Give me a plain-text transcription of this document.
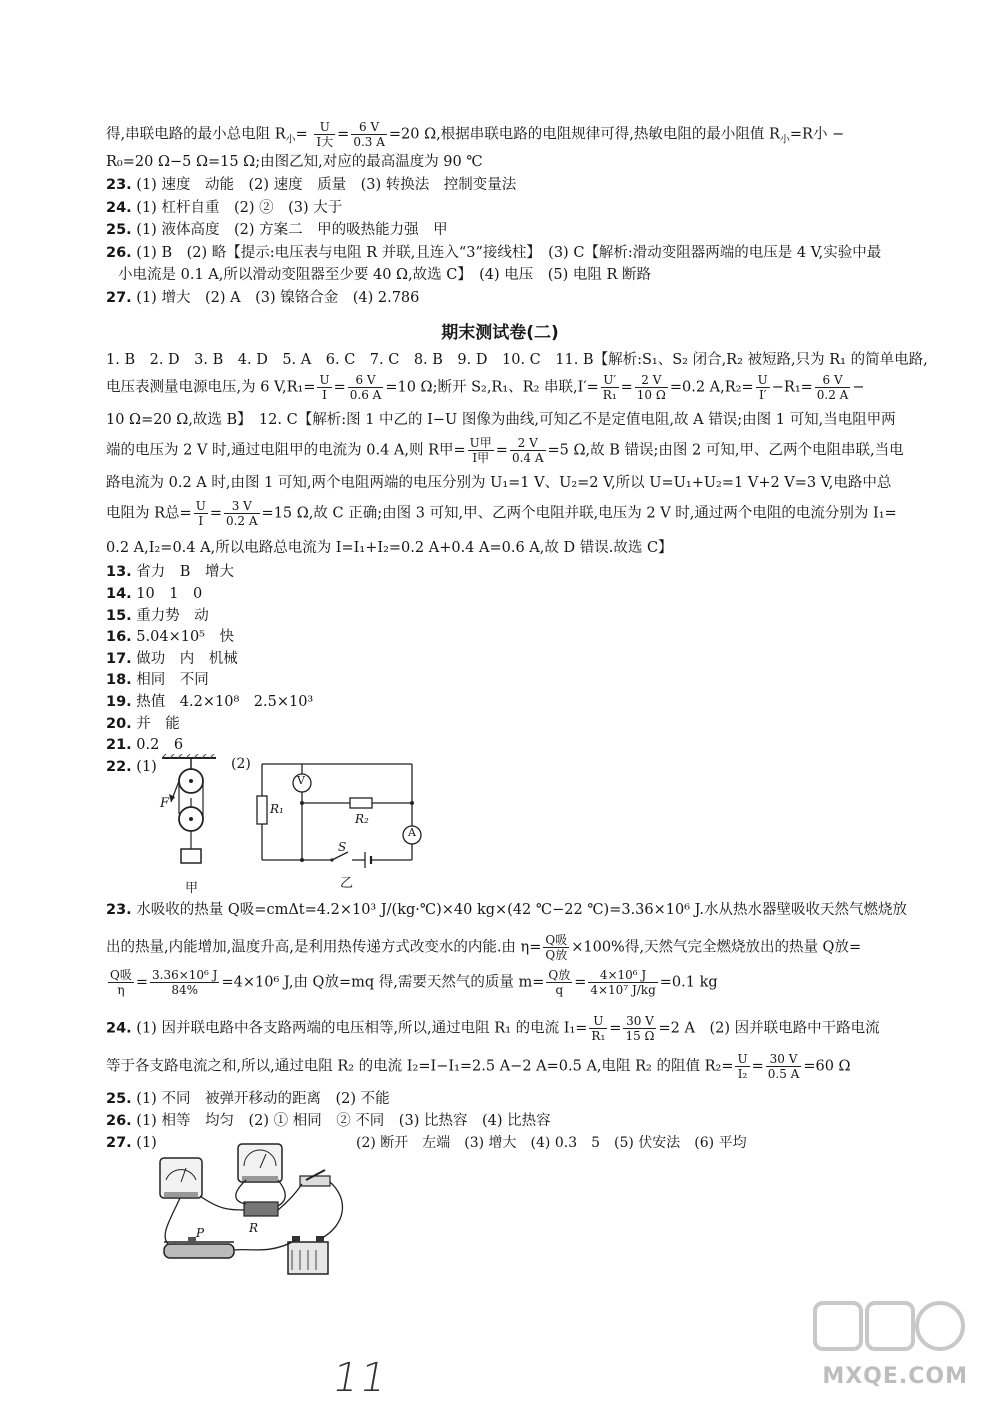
得,串联电路的最小总电阻 $R_小= \frac{U}{\text{I大}} = \frac{6 V}{0.3 A} =20$ Ω,根据串联电路的电阻规律可得,热敏电阻的最小阻值 $R_小=R$小 −
R₀=20 Ω−5 Ω=15 Ω;由图乙知,对应的最高温度为 90 ℃
23. (1) 速度　动能　(2) 速度　质量　(3) 转换法　控制变量法
24. (1) 杠杆自重　(2) ②　(3) 大于
25. (1) 液体高度　(2) 方案二　甲的吸热能力强　甲
26. (1) B　(2) 略【提示:电压表与电阻 R 并联,且连入“3”接线柱】　(3) C【解析:滑动变阻器两端的电压是 4 V,实验中最
小电流是 0.1 A,所以滑动变阻器至少要 40 Ω,故选 C】　(4) 电压　(5) 电阻 R 断路
27. (1) 增大　(2) A　(3) 镍铬合金　(4) 2.786
期末测试卷(二)
1. B　2. D　3. B　4. D　5. A　6. C　7. C　8. B　9. D　10. C　11. B【解析:S₁、S₂ 闭合,R₂ 被短路,只为 R₁ 的简单电路,
电压表测量电源电压,为 6 $V,R_1= \frac{U}{I} = \frac{6 V}{0.6 A} =10$ Ω;断开 S₂,R₁、R₂ 串联$,I'= \frac{U'}{\text{R₁}} = \frac{2 V}{10 \Omega} =0.2$ $A,R_2= \frac{U}{I'} -R_1= \frac{6 V}{0.2 A}$ −
10 Ω=20 Ω,故选 B】　12. C【解析:图 1 中乙的 I−U 图像为曲线,可知乙不是定值电阻,故 A 错误;由图 1 可知,当电阻甲两
端的电压为 2 V 时,通过电阻甲的电流为 0.4 A,则 R甲= $\frac{\text{U甲}}{\text{I甲}} = \frac{2 V}{0.4 A} =5$ Ω,故 B 错误;由图 2 可知,甲、乙两个电阻串联,当电
路电流为 0.2 A 时,由图 1 可知,两个电阻两端的电压分别为 U₁=1 V、U₂=2 V,所以 U=U₁+U₂=1 V+2 V=3 V,电路中总
电阻为 R总= $\frac{U}{I} = \frac{3 V}{0.2 A} =15$ Ω,故 C 正确;由图 3 可知,甲、乙两个电阻并联,电压为 2 V 时,通过两个电阻的电流分别为 I₁=
0.2 A,I₂=0.4 A,所以电路总电流为 I=I₁+I₂=0.2 A+0.4 A=0.6 A,故 D 错误.故选 C】
13. 省力　B　增大
14. 10　1　0
15. 重力势　动
16. 5.04×10⁵　快
17. 做功　内　机械
18. 相同　不同
19. 热值　4.2×10⁸　2.5×10³
20. 并　能
21. 0.2　6
22. (1)	(2)
F
甲
V
A
R₁
R₂
S
乙
23. 水吸收的热量 Q吸=cmΔt=4.2×10³ J/(kg·℃)×40 kg×(42 ℃−22 ℃)=3.36×10⁶ J.水从热水器壁吸收天然气燃烧放
出的热量,内能增加,温度升高,是利用热传递方式改变水的内能.由 $\eta= \frac{\text{Q吸}}{\text{Q放}} \times 100\%$得,天然气完全燃烧放出的热量 Q放=
$\frac{\text{Q吸}}{\eta} = \frac{\text{3.36×10⁶ J}}{84\%} =4\times 10^6$ J,由 Q放=mq 得,需要天然气的质量 $m= \frac{\text{Q放}}{q} = \frac{\text{4×10⁶ J}}{\text{4×10⁷ J/kg}} =0.1$ kg
24. (1) 因并联电路中各支路两端的电压相等,所以,通过电阻 R₁ 的电流 $I_1= \frac{U}{\text{R₁}} = \frac{30 V}{15 \Omega} =2$ A　(2) 因并联电路中干路电流
等于各支路电流之和,所以,通过电阻 R₂ 的电流 I₂=I−I₁=2.5 A−2 A=0.5 A,电阻 R₂ 的阻值 $R_2= \frac{U}{\text{I₂}} = \frac{30 V}{0.5 A} =60$ Ω
25. (1) 不同　被弹开移动的距离　(2) 不能
26. (1) 相等　均匀　(2) ① 相同　② 不同　(3) 比热容　(4) 比热容
27. (1)	(2) 断开　左端　(3) 增大　(4) 0.3　5　(5) 伏安法　(6) 平均
P	R
11	MXQE.COM
